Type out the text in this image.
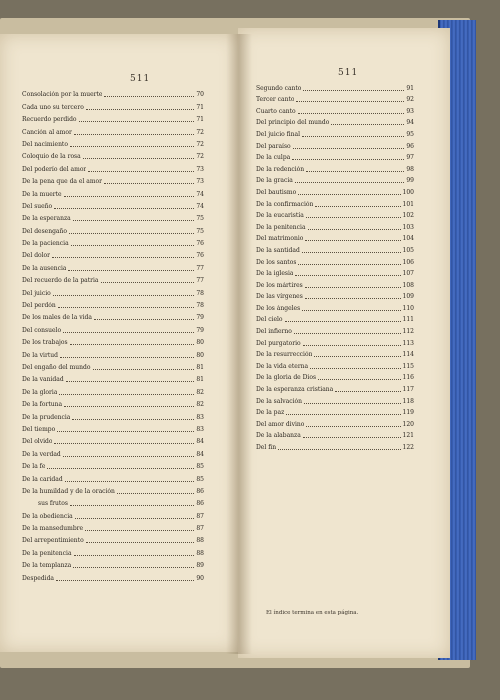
511
Consolación por la muerte	70
Cada uno su tercero	71
Recuerdo perdido	71
Canción al amor	72
Del nacimiento	72
Coloquio de la rosa	72
Del poderío del amor	73
De la pena que da el amor	73
De la muerte	74
Del sueño	74
De la esperanza	75
Del desengaño	75
De la paciencia	76
Del dolor	76
De la ausencia	77
Del recuerdo de la patria	77
Del juicio	78
Del perdón	78
De los males de la vida	79
Del consuelo	79
De los trabajos	80
De la virtud	80
Del engaño del mundo	81
De la vanidad	81
De la gloria	82
De la fortuna	82
De la prudencia	83
Del tiempo	83
Del olvido	84
De la verdad	84
De la fe	85
De la caridad	85
De la humildad y de la oración	86
sus frutos	86
De la obediencia	87
De la mansedumbre	87
Del arrepentimiento	88
De la penitencia	88
De la templanza	89
Despedida	90
511
Segundo canto	91
Tercer canto	92
Cuarto canto	93
Del principio del mundo	94
Del juicio final	95
Del paraíso	96
De la culpa	97
De la redención	98
De la gracia	99
Del bautismo	100
De la confirmación	101
De la eucaristía	102
De la penitencia	103
Del matrimonio	104
De la santidad	105
De los santos	106
De la iglesia	107
De los mártires	108
De las vírgenes	109
De los ángeles	110
Del cielo	111
Del infierno	112
Del purgatorio	113
De la resurrección	114
De la vida eterna	115
De la gloria de Dios	116
De la esperanza cristiana	117
De la salvación	118
De la paz	119
Del amor divino	120
De la alabanza	121
Del fin	122
El índice termina en esta página.
